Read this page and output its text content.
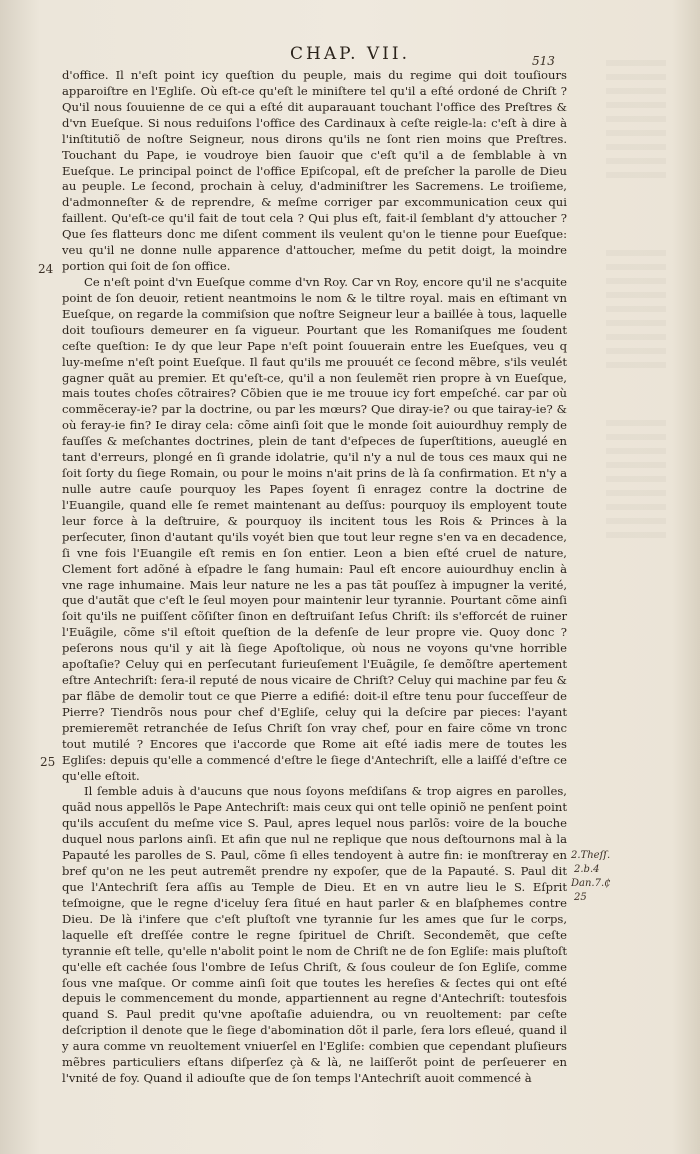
CHAP. VII.	513

d'office. Il n'eſt point icy queſtion du peuple, mais du regime qui doit touſiours apparoiſtre en l'Egliſe. Où eſt-ce qu'eſt le miniſtere tel qu'il a eſté ordoné de Chriſt ? Qu'il nous ſouuienne de ce qui a eſté dit auparauant touchant l'office des Preſtres & d'vn Eueſque. Si nous reduiſons l'office des Cardinaux à ceſte reigle-la: c'eſt à dire à l'inſtitutiõ de noſtre Seigneur, nous dirons qu'ils ne ſont rien moins que Preſtres. Touchant du Pape, ie voudroye bien ſauoir que c'eſt qu'il a de ſemblable à vn Eueſque. Le principal poinct de l'office Epiſcopal, eſt de preſcher la parolle de Dieu au peuple. Le ſecond, prochain à celuy, d'adminiſtrer les Sacremens. Le troiſieme, d'admonneſter & de reprendre, & meſme corriger par excommunication ceux qui faillent. Qu'eſt-ce qu'il fait de tout cela ? Qui plus eſt, fait-il ſemblant d'y attoucher ? Que ſes flatteurs donc me diſent comment ils veulent qu'on le tienne pour Eueſque: veu qu'il ne donne nulle apparence d'attoucher, meſme du petit doigt, la moindre portion qui ſoit de ſon office.

Ce n'eſt point d'vn Eueſque comme d'vn Roy. Car vn Roy, encore qu'il ne s'acquite point de ſon deuoir, retient neantmoins le nom & le tiltre royal. mais en eſtimant vn Eueſque, on regarde la commiſsion que noſtre Seigneur leur a baillée à tous, laquelle doit touſiours demeurer en ſa vigueur. Pourtant que les Romaniſques me ſoudent ceſte queſtion: Ie dy que leur Pape n'eſt point ſouuerain entre les Eueſques, veu q luy-meſme n'eſt point Eueſque. Il faut qu'ils me prouuét ce ſecond mẽbre, s'ils veulét gagner quãt au premier. Et qu'eſt-ce, qu'il a non ſeulemẽt rien propre à vn Eueſque, mais toutes choſes cõtraires? Cõbien que ie me trouue icy fort empeſché. car par où commẽceray-ie? par la doctrine, ou par les mœurs? Que diray-ie? ou que tairay-ie? & où feray-ie fin? Ie diray cela: cõme ainſi ſoit que le monde ſoit auiourdhuy remply de fauſſes & meſchantes doctrines, plein de tant d'eſpeces de ſuperſtitions, aueuglé en tant d'erreurs, plongé en ſi grande idolatrie, qu'il n'y a nul de tous ces maux qui ne ſoit ſorty du ſiege Romain, ou pour le moins n'ait prins de là ſa confirmation. Et n'y a nulle autre cauſe pourquoy les Papes ſoyent ſi enragez contre la doctrine de l'Euangile, quand elle ſe remet maintenant au deſſus: pourquoy ils employent toute leur force à la deſtruire, & pourquoy ils incitent tous les Rois & Princes à la perſecuter, ſinon d'autant qu'ils voyét bien que tout leur regne s'en va en decadence, ſi vne fois l'Euangile eſt remis en ſon entier. Leon a bien eſté cruel de nature, Clement fort adõné à eſpadre le ſang humain: Paul eſt encore auiourdhuy enclin à vne rage inhumaine. Mais leur nature ne les a pas tãt pouſſez à impugner la verité, que d'autãt que c'eſt le ſeul moyen pour maintenir leur tyrannie. Pourtant cõme ainſi ſoit qu'ils ne puiſſent cõſiſter ſinon en deſtruiſant Ieſus Chriſt: ils s'efforcét de ruiner l'Euãgile, cõme s'il eſtoit queſtion de la defenſe de leur propre vie. Quoy donc ? peſerons nous qu'il y ait là ſiege Apoſtolique, où nous ne voyons qu'vne horrible apoſtaſie? Celuy qui en perſecutant furieuſement l'Euãgile, ſe demõſtre apertement eſtre Antechriſt: ſera-il reputé de nous vicaire de Chriſt? Celuy qui machine par feu & par flãbe de demolir tout ce que Pierre a edifié: doit-il eſtre tenu pour ſucceſſeur de Pierre? Tiendrõs nous pour chef d'Egliſe, celuy qui la deſcire par pieces: l'ayant premieremẽt retranchée de Ieſus Chriſt ſon vray chef, pour en faire cõme vn tronc tout mutilé ? Encores que i'accorde que Rome ait eſté iadis mere de toutes les Egliſes: depuis qu'elle a commencé d'eſtre le ſiege d'Antechriſt, elle a laiſſé d'eſtre ce qu'elle eſtoit.

Il ſemble aduis à d'aucuns que nous ſoyons meſdiſans & trop aigres en parolles, quãd nous appellõs le Pape Antechriſt: mais ceux qui ont telle opiniõ ne penſent point qu'ils accuſent du meſme vice S. Paul, apres lequel nous parlõs: voire de la bouche duquel nous parlons ainſi. Et afin que nul ne replique que nous deſtournons mal à la Papauté les parolles de S. Paul, cõme ſi elles tendoyent à autre fin: ie monſtreray en bref qu'on ne les peut autremẽt prendre ny expoſer, que de la Papauté. S. Paul dit que l'Antechriſt ſera aſſis au Temple de Dieu. Et en vn autre lieu le S. Eſprit teſmoigne, que le regne d'iceluy ſera ſitué en haut parler & en blaſphemes contre Dieu. De là i'infere que c'eſt pluſtoſt vne tyrannie ſur les ames que ſur le corps, laquelle eſt dreſſée contre le regne ſpirituel de Chriſt. Secondemẽt, que ceſte tyrannie eſt telle, qu'elle n'abolit point le nom de Chriſt ne de ſon Egliſe: mais pluſtoſt qu'elle eſt cachée ſous l'ombre de Ieſus Chriſt, & ſous couleur de ſon Egliſe, comme ſous vne maſque. Or comme ainſi ſoit que toutes les hereſies & ſectes qui ont eſté depuis le commencement du monde, appartiennent au regne d'Antechriſt: toutesfois quand S. Paul predit qu'vne apoſtaſie aduiendra, ou vn reuoltement: par ceſte deſcription il denote que le ſiege d'abomination dõt il parle, ſera lors eſleué, quand il y aura comme vn reuoltement vniuerſel en l'Egliſe: combien que cependant pluſieurs mẽbres particuliers eſtans diſperſez çà & là, ne laiſſerõt point de perſeuerer en l'vnité de foy. Quand il adiouſte que de ſon temps l'Antechriſt auoit commencé à

24
25
2.Theſſ.
2.b.4
Dan.7.₵
25
